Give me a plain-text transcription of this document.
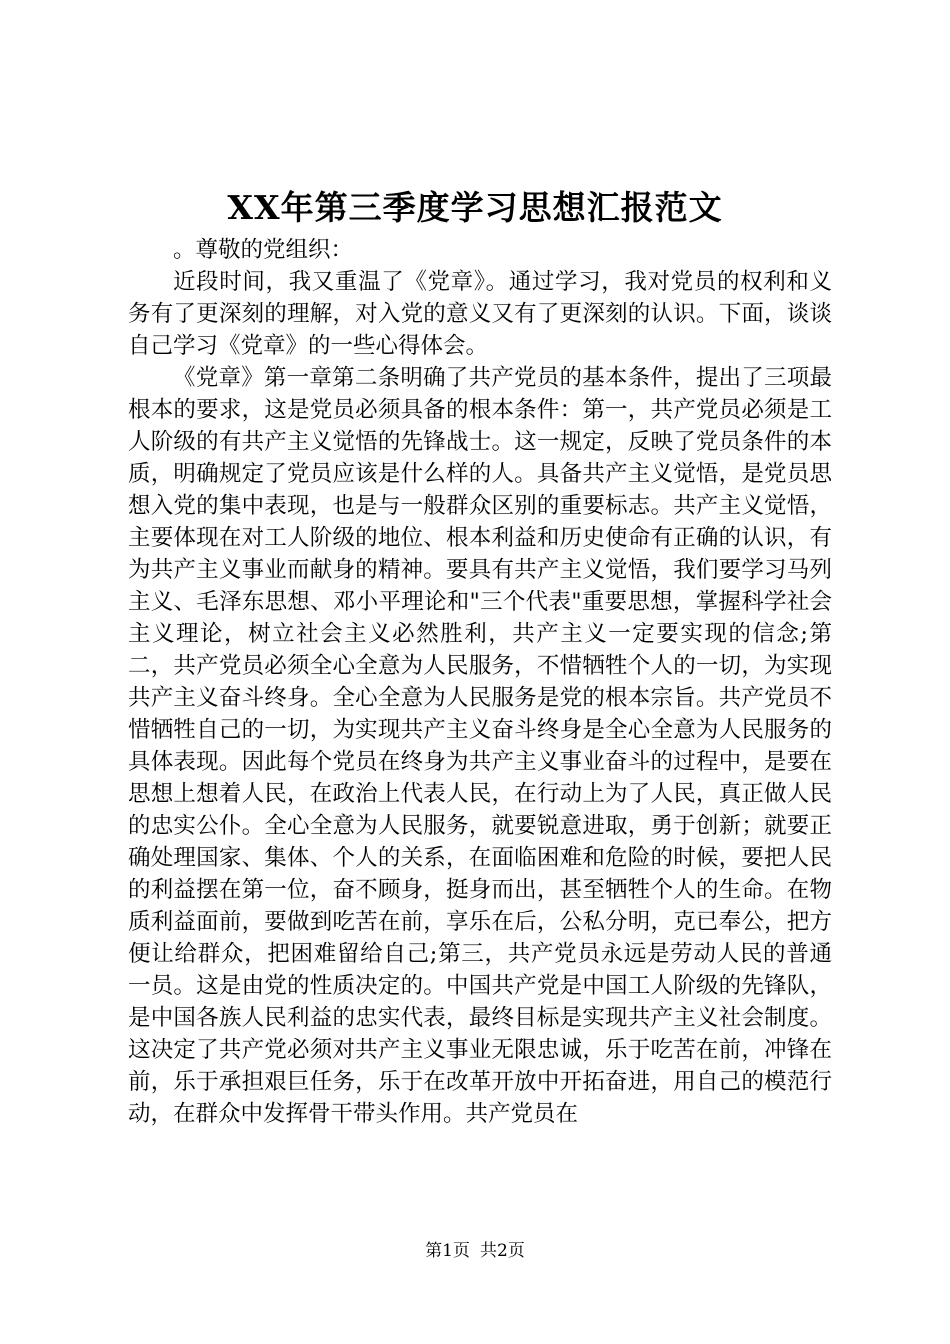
XX年第三季度学习思想汇报范文

。尊敬的党组织：

近段时间，我又重温了《党章》。通过学习，我对党员的权利和义务有了更深刻的理解，对入党的意义又有了更深刻的认识。下面，谈谈自己学习《党章》的一些心得体会。

《党章》第一章第二条明确了共产党员的基本条件，提出了三项最根本的要求，这是党员必须具备的根本条件：第一，共产党员必须是工人阶级的有共产主义觉悟的先锋战士。这一规定，反映了党员条件的本质，明确规定了党员应该是什么样的人。具备共产主义觉悟，是党员思想入党的集中表现，也是与一般群众区别的重要标志。共产主义觉悟，主要体现在对工人阶级的地位、根本利益和历史使命有正确的认识，有为共产主义事业而献身的精神。要具有共产主义觉悟，我们要学习马列主义、毛泽东思想、邓小平理论和"三个代表"重要思想，掌握科学社会主义理论，树立社会主义必然胜利，共产主义一定要实现的信念;第二，共产党员必须全心全意为人民服务，不惜牺牲个人的一切，为实现共产主义奋斗终身。全心全意为人民服务是党的根本宗旨。共产党员不惜牺牲自己的一切，为实现共产主义奋斗终身是全心全意为人民服务的具体表现。因此每个党员在终身为共产主义事业奋斗的过程中，是要在思想上想着人民，在政治上代表人民，在行动上为了人民，真正做人民的忠实公仆。全心全意为人民服务，就要锐意进取，勇于创新；就要正确处理国家、集体、个人的关系，在面临困难和危险的时候，要把人民的利益摆在第一位，奋不顾身，挺身而出，甚至牺牲个人的生命。在物质利益面前，要做到吃苦在前，享乐在后，公私分明，克已奉公，把方便让给群众，把困难留给自己;第三，共产党员永远是劳动人民的普通一员。这是由党的性质决定的。中国共产党是中国工人阶级的先锋队，是中国各族人民利益的忠实代表，最终目标是实现共产主义社会制度。这决定了共产党必须对共产主义事业无限忠诚，乐于吃苦在前，冲锋在前，乐于承担艰巨任务，乐于在改革开放中开拓奋进，用自己的模范行动，在群众中发挥骨干带头作用。共产党员在

第1页 共2页
